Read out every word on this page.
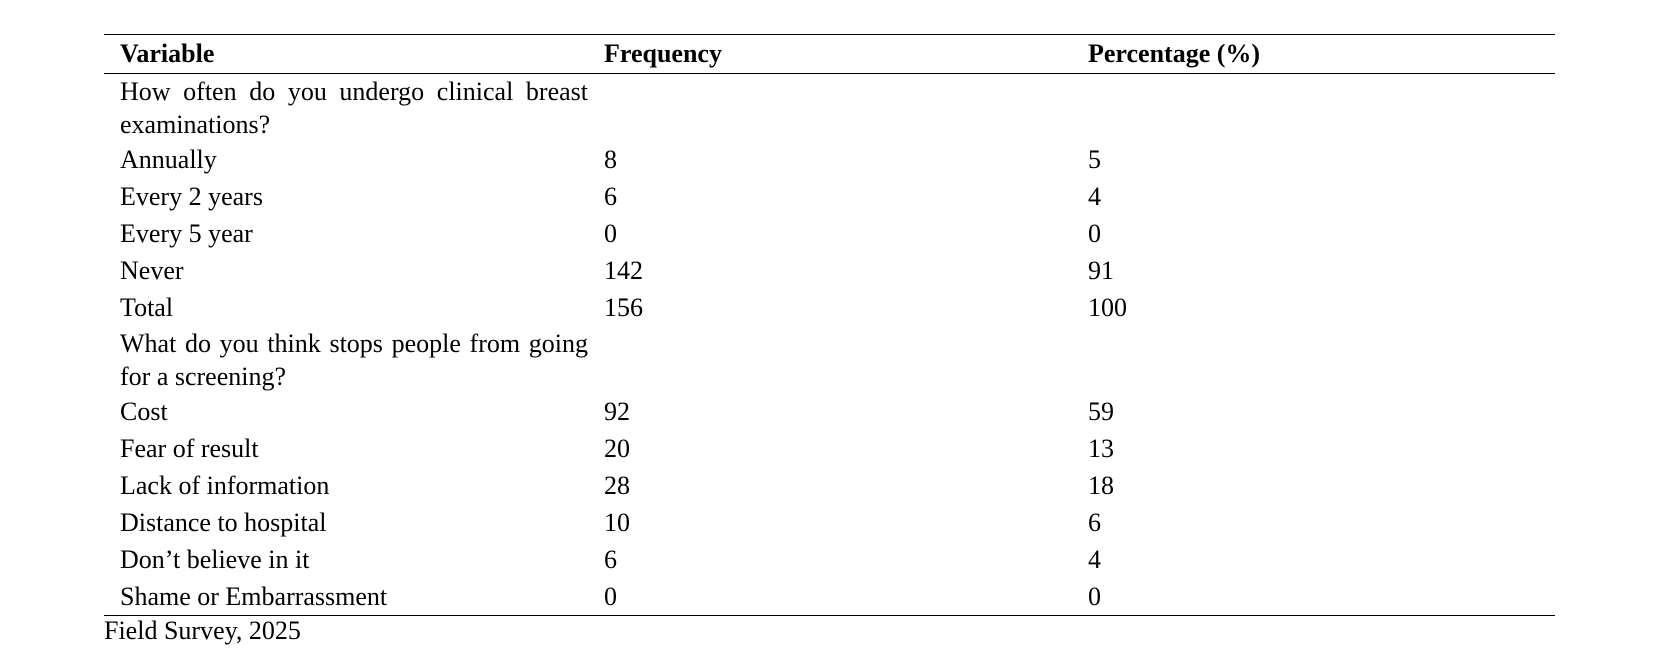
Variable	Frequency	Percentage (%)
How often do you undergo clinical breast examinations?		
Annually	8	5
Every 2 years	6	4
Every 5 year	0	0
Never	142	91
Total	156	100
What do you think stops people from going for a screening?		
Cost	92	59
Fear of result	20	13
Lack of information	28	18
Distance to hospital	10	6
Don’t believe in it	6	4
Shame or Embarrassment	0	0
Field Survey, 2025
